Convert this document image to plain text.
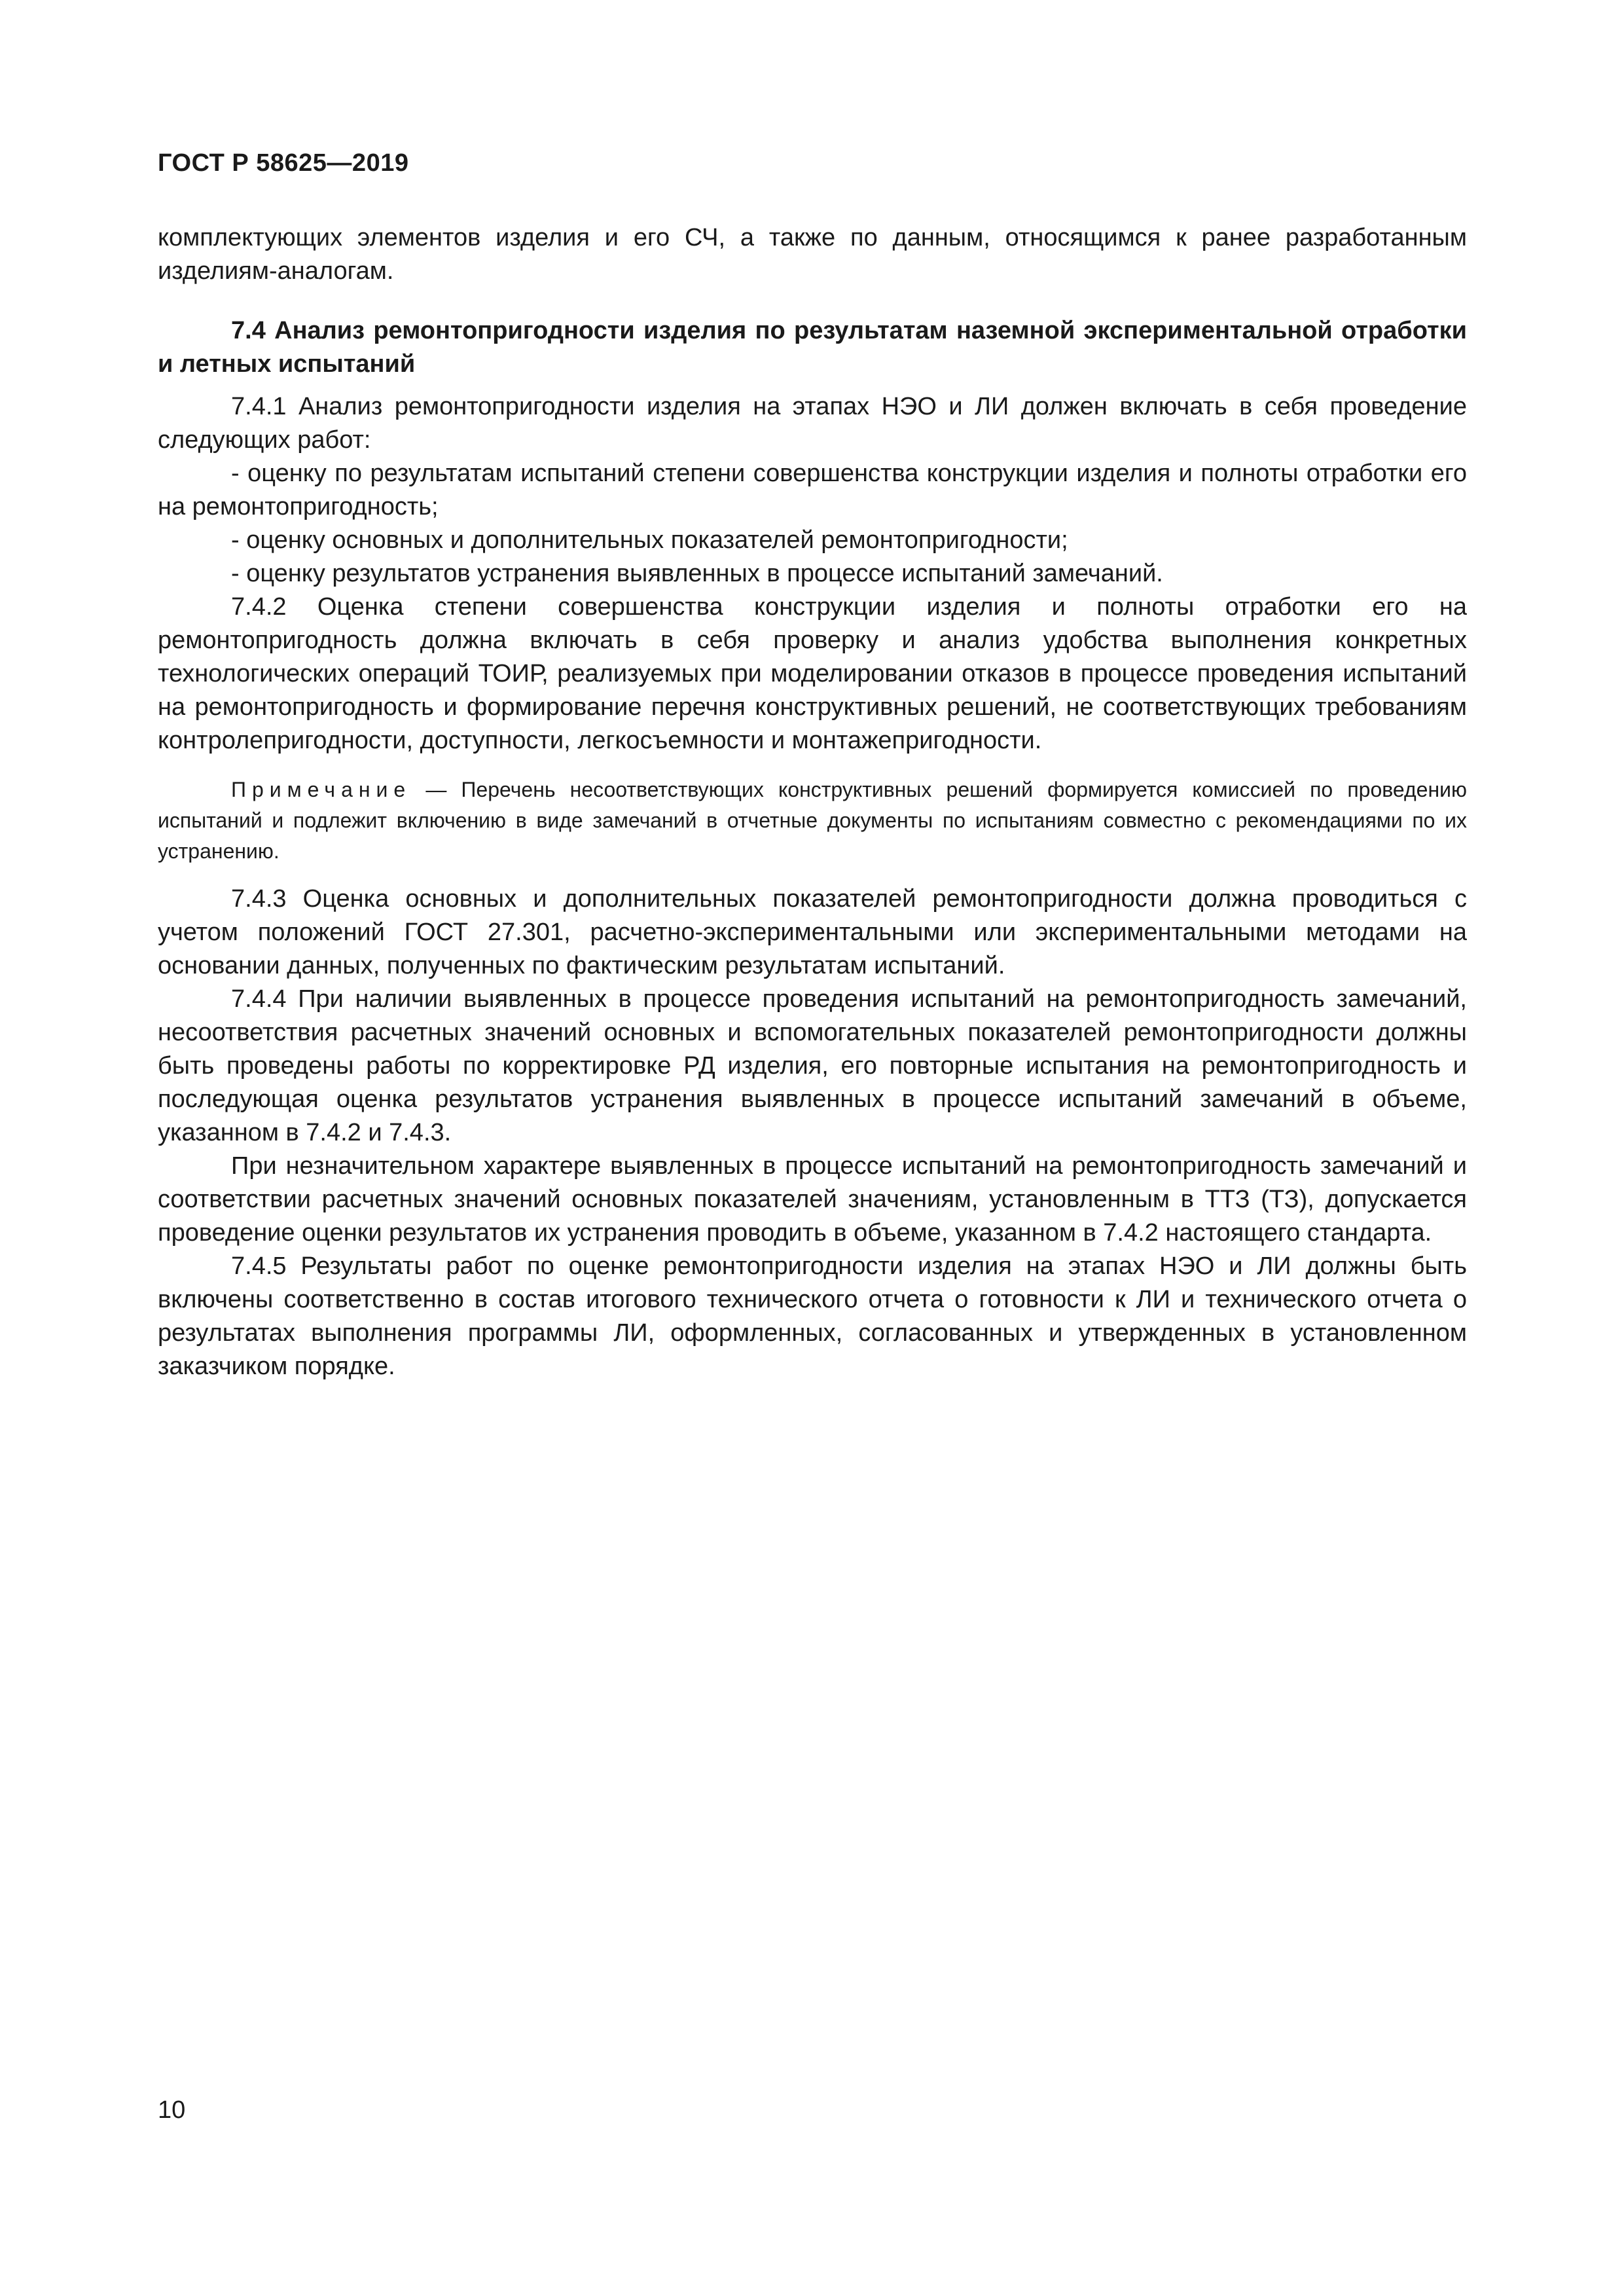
ГОСТ Р 58625—2019

комплектующих элементов изделия и его СЧ, а также по данным, относящимся к ранее разработанным изделиям-аналогам.

7.4 Анализ ремонтопригодности изделия по результатам наземной экспериментальной отработки и летных испытаний

7.4.1 Анализ ремонтопригодности изделия на этапах НЭО и ЛИ должен включать в себя проведение следующих работ:

- оценку по результатам испытаний степени совершенства конструкции изделия и полноты отработки его на ремонтопригодность;

- оценку основных и дополнительных показателей ремонтопригодности;

- оценку результатов устранения выявленных в процессе испытаний замечаний.

7.4.2 Оценка степени совершенства конструкции изделия и полноты отработки его на ремонтопригодность должна включать в себя проверку и анализ удобства выполнения конкретных технологических операций ТОИР, реализуемых при моделировании отказов в процессе проведения испытаний на ремонтопригодность и формирование перечня конструктивных решений, не соответствующих требованиям контролепригодности, доступности, легкосъемности и монтажепригодности.

Примечание — Перечень несоответствующих конструктивных решений формируется комиссией по проведению испытаний и подлежит включению в виде замечаний в отчетные документы по испытаниям совместно с рекомендациями по их устранению.

7.4.3 Оценка основных и дополнительных показателей ремонтопригодности должна проводиться с учетом положений ГОСТ 27.301, расчетно-экспериментальными или экспериментальными методами на основании данных, полученных по фактическим результатам испытаний.

7.4.4 При наличии выявленных в процессе проведения испытаний на ремонтопригодность замечаний, несоответствия расчетных значений основных и вспомогательных показателей ремонтопригодности должны быть проведены работы по корректировке РД изделия, его повторные испытания на ремонтопригодность и последующая оценка результатов устранения выявленных в процессе испытаний замечаний в объеме, указанном в 7.4.2 и 7.4.3.

При незначительном характере выявленных в процессе испытаний на ремонтопригодность замечаний и соответствии расчетных значений основных показателей значениям, установленным в ТТЗ (ТЗ), допускается проведение оценки результатов их устранения проводить в объеме, указанном в 7.4.2 настоящего стандарта.

7.4.5 Результаты работ по оценке ремонтопригодности изделия на этапах НЭО и ЛИ должны быть включены соответственно в состав итогового технического отчета о готовности к ЛИ и технического отчета о результатах выполнения программы ЛИ, оформленных, согласованных и утвержденных в установленном заказчиком порядке.

10
